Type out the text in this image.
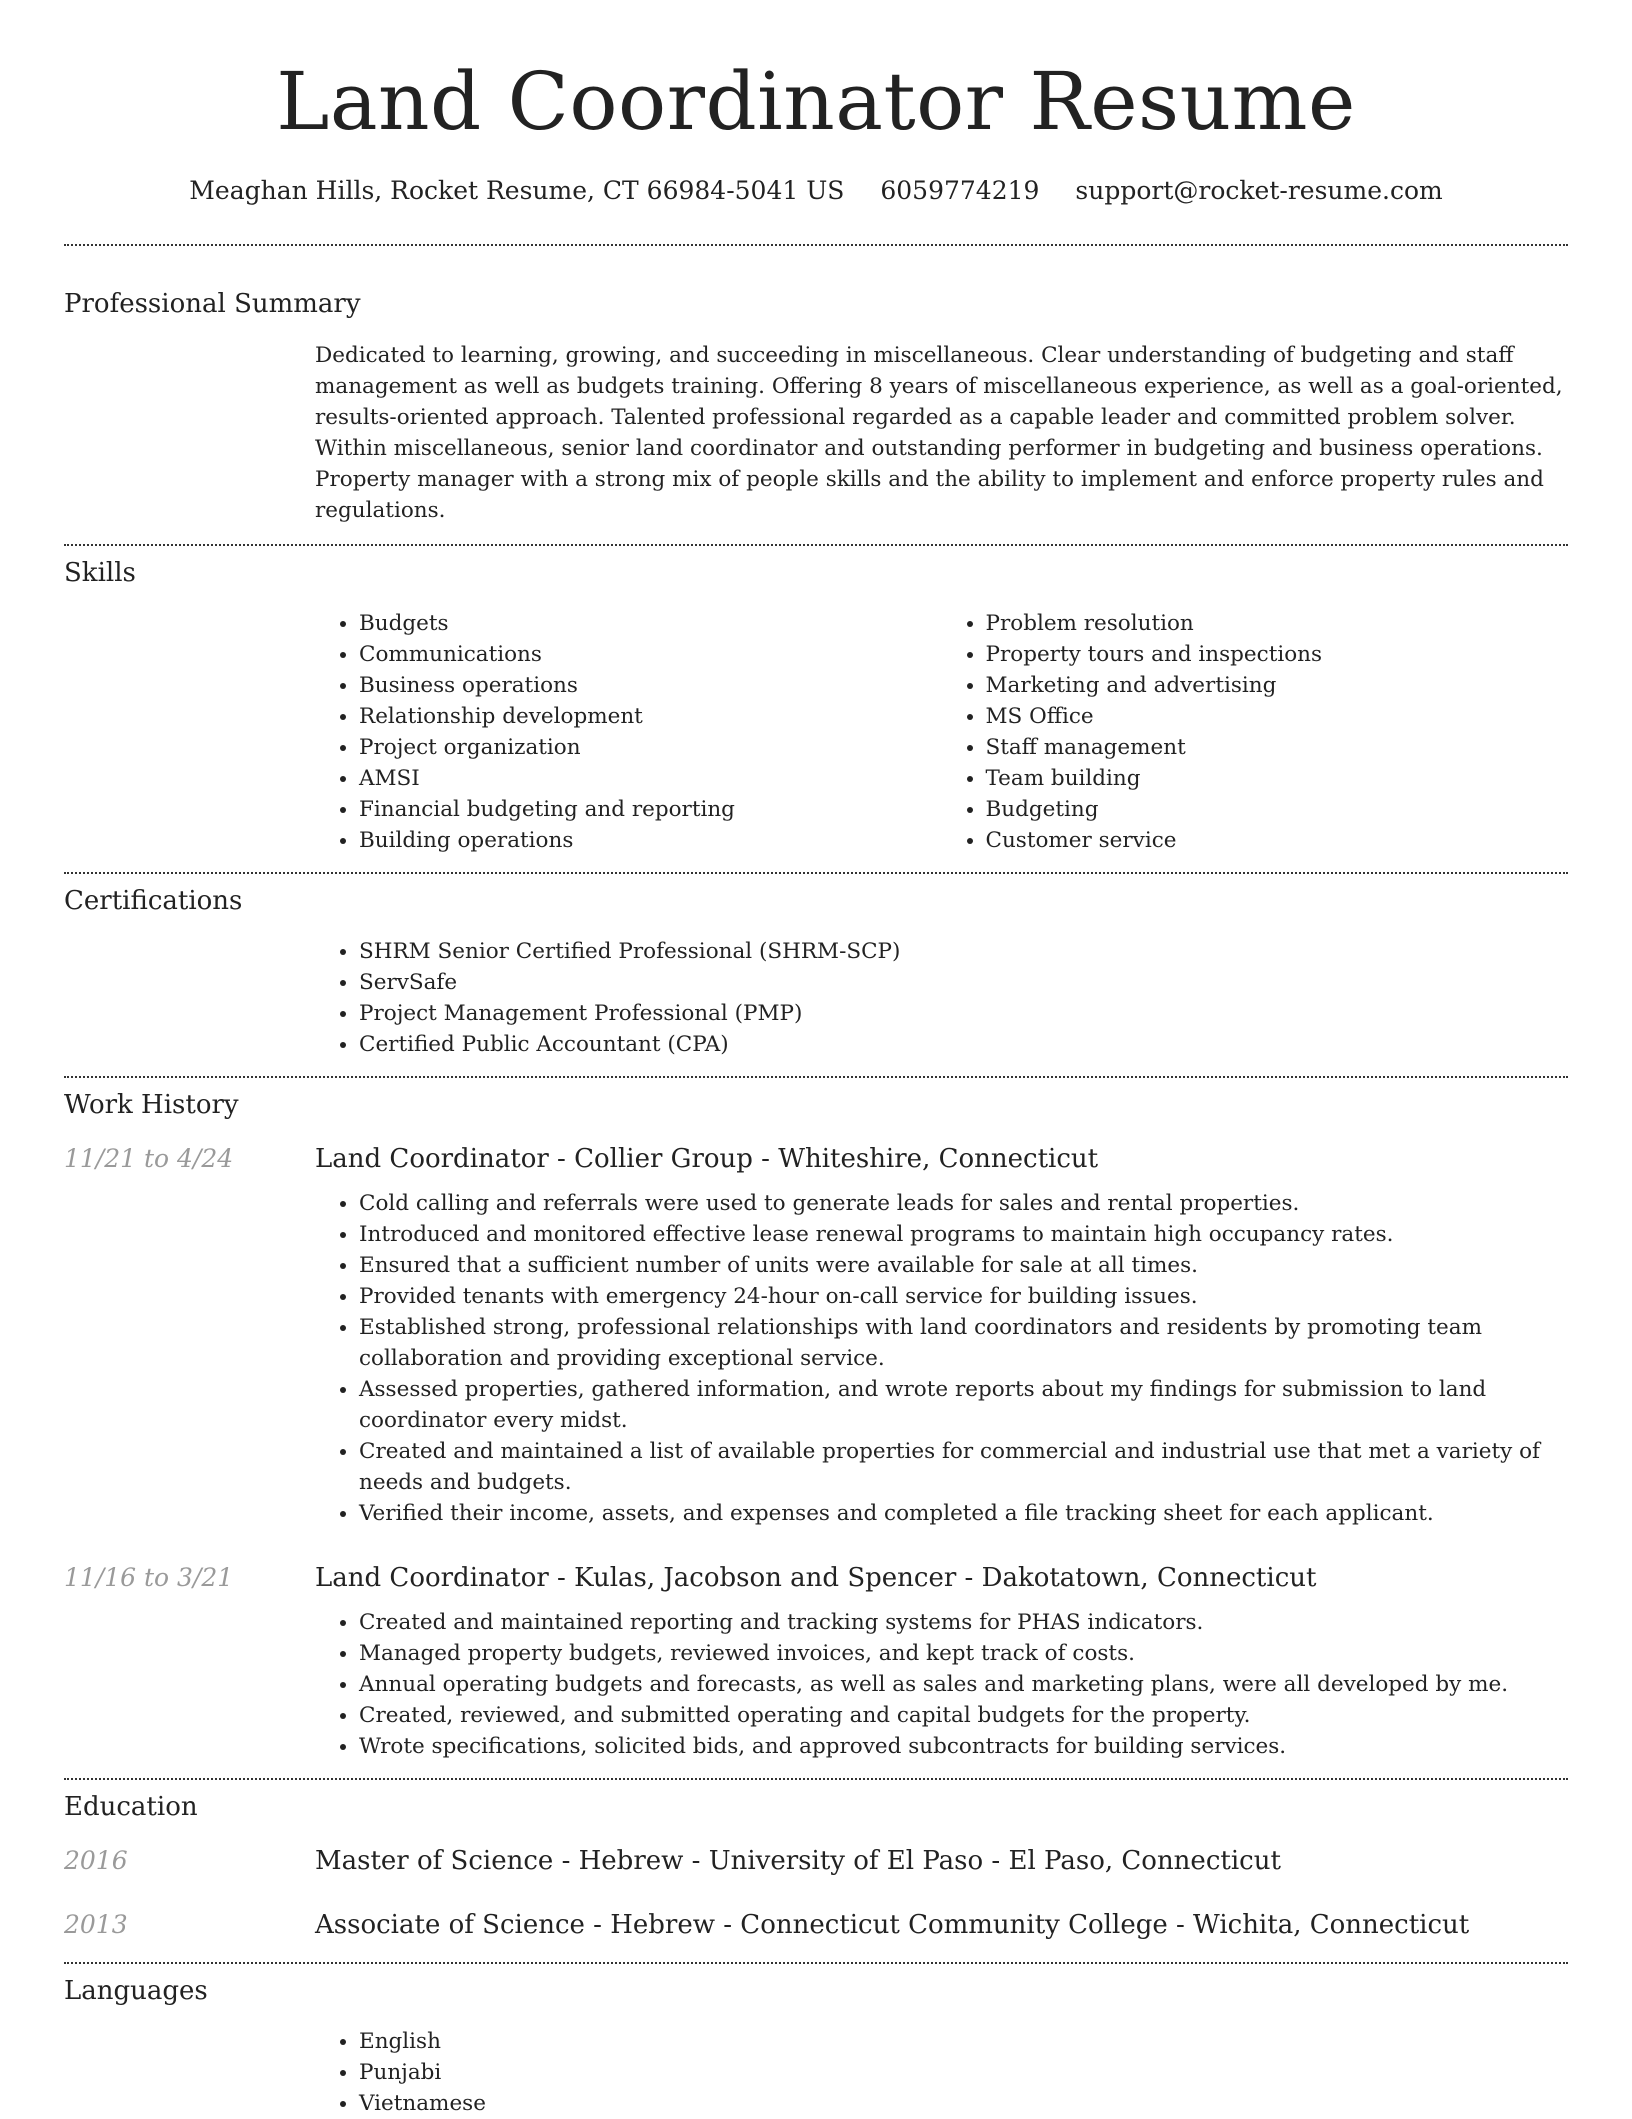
Land Coordinator Resume
Meaghan Hills, Rocket Resume, CT 66984-5041 US 6059774219 support@rocket-resume.com
Professional Summary

Dedicated to learning, growing, and succeeding in miscellaneous. Clear understanding of budgeting and staff management as well as budgets training. Offering 8 years of miscellaneous experience, as well as a goal-oriented, results-oriented approach. Talented professional regarded as a capable leader and committed problem solver. Within miscellaneous, senior land coordinator and outstanding performer in budgeting and business operations. Property manager with a strong mix of people skills and the ability to implement and enforce property rules and regulations.

Skills
• Budgets
• Communications
• Business operations
• Relationship development
• Project organization
• AMSI
• Financial budgeting and reporting
• Building operations
• Problem resolution
• Property tours and inspections
• Marketing and advertising
• MS Office
• Staff management
• Team building
• Budgeting
• Customer service
Certifications
• SHRM Senior Certified Professional (SHRM-SCP)
• ServSafe
• Project Management Professional (PMP)
• Certified Public Accountant (CPA)
Work History
11/21 to 4/24	Land Coordinator - Collier Group - Whiteshire, Connecticut
• Cold calling and referrals were used to generate leads for sales and rental properties.
• Introduced and monitored effective lease renewal programs to maintain high occupancy rates.
• Ensured that a sufficient number of units were available for sale at all times.
• Provided tenants with emergency 24-hour on-call service for building issues.
• Established strong, professional relationships with land coordinators and residents by promoting team collaboration and providing exceptional service.
• Assessed properties, gathered information, and wrote reports about my findings for submission to land coordinator every midst.
• Created and maintained a list of available properties for commercial and industrial use that met a variety of needs and budgets.
• Verified their income, assets, and expenses and completed a file tracking sheet for each applicant.
11/16 to 3/21	Land Coordinator - Kulas, Jacobson and Spencer - Dakotatown, Connecticut
• Created and maintained reporting and tracking systems for PHAS indicators.
• Managed property budgets, reviewed invoices, and kept track of costs.
• Annual operating budgets and forecasts, as well as sales and marketing plans, were all developed by me.
• Created, reviewed, and submitted operating and capital budgets for the property.
• Wrote specifications, solicited bids, and approved subcontracts for building services.
Education
2016	Master of Science - Hebrew - University of El Paso - El Paso, Connecticut
2013	Associate of Science - Hebrew - Connecticut Community College - Wichita, Connecticut
Languages
• English
• Punjabi
• Vietnamese
